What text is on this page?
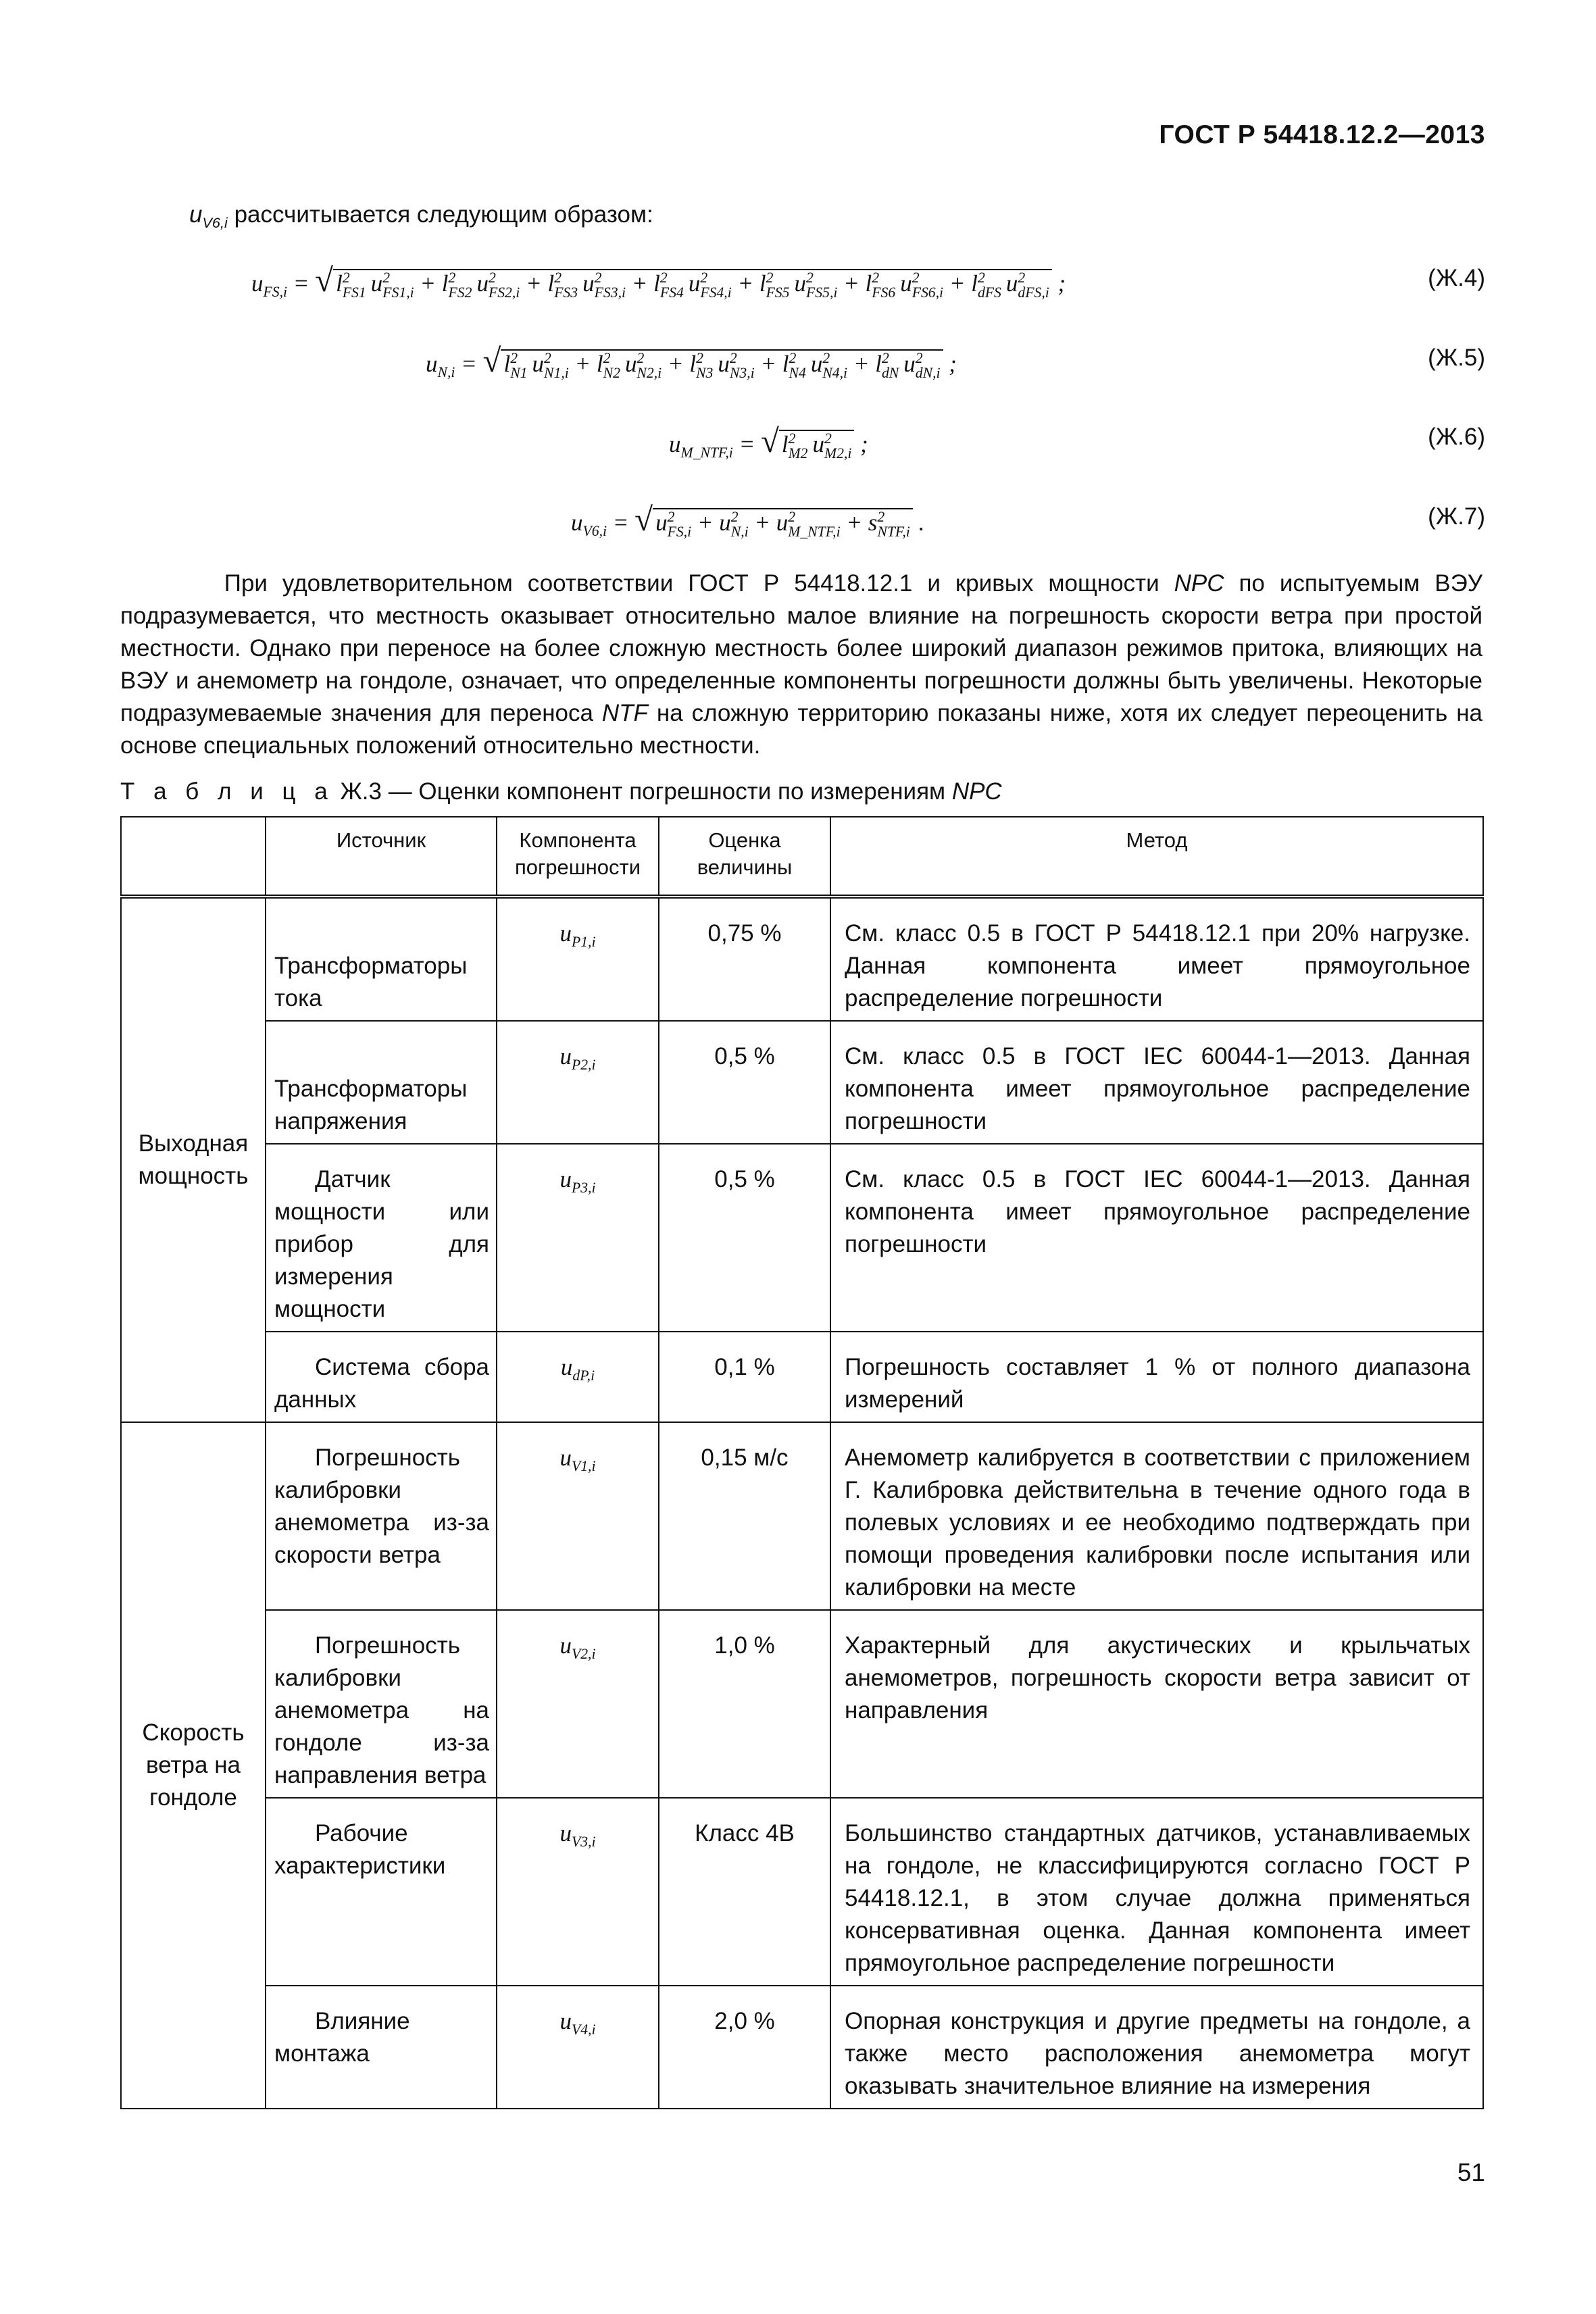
ГОСТ Р 54418.12.2—2013
$u_{V6,i}$ рассчитывается следующим образом:
$u_{FS,i}$ = √ l 2
FS1  u 2
FS1,i + l 2
FS2  u 2
FS2,i + l 2
FS3  u 2
FS3,i + l 2
FS4  u 2
FS4,i + l 2
FS5  u 2
FS5,i + l 2
FS6  u 2
FS6,i + l 2
dFS  u 2
dFS,i ;	(Ж.4)
$u_{N,i}$ = √ l 2
N1  u 2
N1,i + l 2
N2  u 2
N2,i + l 2
N3  u 2
N3,i + l 2
N4  u 2
N4,i + l 2
dN  u 2
dN,i ;	(Ж.5)
$u_{M\_NTF,i}$ = √ l 2
M2  u 2
M2,i ;	(Ж.6)
$u_{V6,i}$ = √ u 2
FS,i + u 2
N,i + u 2
M_NTF,i + s 2
NTF,i .	(Ж.7)
При удовлетворительном соответствии ГОСТ Р 54418.12.1 и кривых мощности NPC по испытуемым ВЭУ подразумевается, что местность оказывает относительно малое влияние на погрешность скорости ветра при простой местности. Однако при переносе на более сложную местность более широкий диапазон режимов притока, влияющих на ВЭУ и анемометр на гондоле, означает, что определенные компоненты погрешности должны быть увеличены. Некоторые подразумеваемые значения для переноса NTF на сложную территорию показаны ниже, хотя их следует переоценить на основе специальных положений относительно местности.
Т а б л и ц а Ж.3 — Оценки компонент погрешности по измерениям NPC
	Источник	Компонента погрешности	Оценка величины	Метод
Выходная мощность	Трансформаторы тока	$u_{P1,i}$	0,75 %	См. класс 0.5 в ГОСТ Р 54418.12.1 при 20% нагрузке. Данная компонента имеет прямоугольное распределение погрешности
	Трансформаторы напряжения	$u_{P2,i}$	0,5 %	См. класс 0.5 в ГОСТ IEC 60044-1—2013. Данная компонента имеет прямоугольное распределение погрешности
	Датчик мощности или прибор для измерения мощности	$u_{P3,i}$	0,5 %	См. класс 0.5 в ГОСТ IEC 60044-1—2013. Данная компонента имеет прямоугольное распределение погрешности
	Система сбора данных	$u_{dP,i}$	0,1 %	Погрешность составляет 1 % от полного диапазона измерений
Скорость ветра на гондоле	Погрешность калибровки анемометра из-за скорости ветра	$u_{V1,i}$	0,15 м/с	Анемометр калибруется в соответствии с приложением Г. Калибровка действительна в течение одного года в полевых условиях и ее необходимо подтверждать при помощи проведения калибровки после испытания или калибровки на месте
	Погрешность калибровки анемометра на гондоле из-за направления ветра	$u_{V2,i}$	1,0 %	Характерный для акустических и крыльчатых анемометров, погрешность скорости ветра зависит от направления
	Рабочие характеристики	$u_{V3,i}$	Класс 4В	Большинство стандартных датчиков, устанавливаемых на гондоле, не классифицируются согласно ГОСТ Р 54418.12.1, в этом случае должна применяться консервативная оценка. Данная компонента имеет прямоугольное распределение погрешности
	Влияние монтажа	$u_{V4,i}$	2,0 %	Опорная конструкция и другие предметы на гондоле, а также место расположения анемометра могут оказывать значительное влияние на измерения
51
